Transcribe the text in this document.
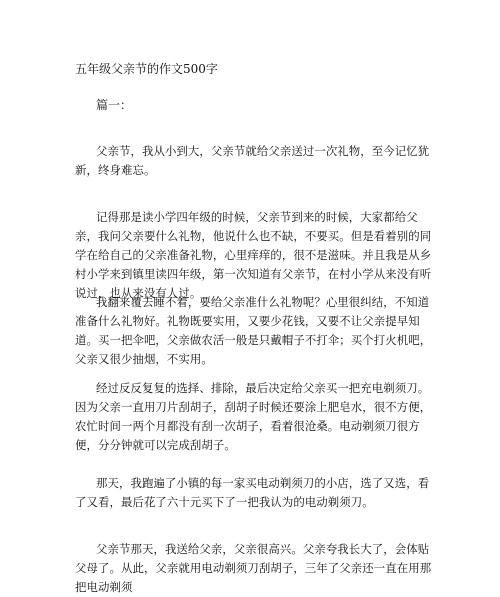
五年级父亲节的作文500字
篇一：

父亲节，我从小到大，父亲节就给父亲送过一次礼物，至今记忆犹新，终身难忘。

记得那是读小学四年级的时候，父亲节到来的时候，大家都给父亲，我问父亲要什么礼物，他说什么也不缺，不要买。但是看着别的同学在给自己的父亲准备礼物，心里痒痒的，很不是滋味。并且我是从乡村小学来到镇里读四年级，第一次知道有父亲节，在村小学从来没有听说过，也从来没有人过。

我翻来覆去睡不着，要给父亲准什么礼物呢？心里很纠结，不知道准备什么礼物好。礼物既要实用，又要少花钱，又要不让父亲提早知道。买一把伞吧，父亲做农活一般是只戴帽子不打伞；买个打火机吧，父亲又很少抽烟，不实用。

经过反反复复的选择、排除，最后决定给父亲买一把充电剃须刀。因为父亲一直用刀片刮胡子，刮胡子时候还要涂上肥皂水，很不方便，农忙时间一两个月都没有刮一次胡子，看着很沧桑。电动剃须刀很方便，分分钟就可以完成刮胡子。

那天，我跑遍了小镇的每一家买电动剃须刀的小店，选了又选，看了又看，最后花了六十元买下了一把我认为的电动剃须刀。

父亲节那天，我送给父亲，父亲很高兴。父亲夸我长大了，会体贴父母了。从此，父亲就用电动剃须刀刮胡子，三年了父亲还一直在用那把电动剃须
